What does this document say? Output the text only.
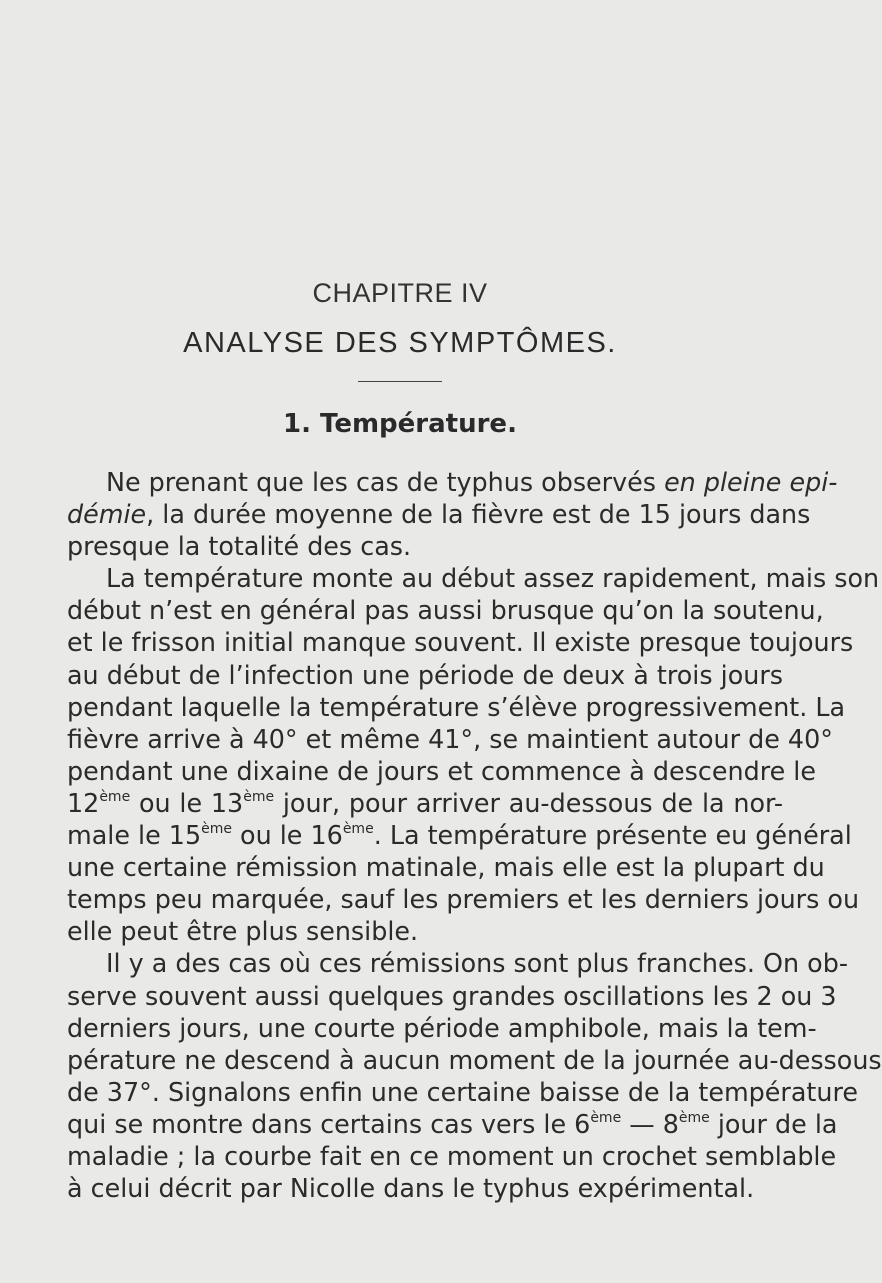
CHAPITRE IV
ANALYSE DES SYMPTÔMES.
1. Température.
Ne prenant que les cas de typhus observés en pleine epi-
démie, la durée moyenne de la fièvre est de 15 jours dans
presque la totalité des cas.
La température monte au début assez rapidement, mais son
début n’est en général pas aussi brusque qu’on la soutenu,
et le frisson initial manque souvent. Il existe presque toujours
au début de l’infection une période de deux à trois jours
pendant laquelle la température s’élève progressivement. La
fièvre arrive à 40° et même 41°, se maintient autour de 40°
pendant une dixaine de jours et commence à descendre le
12ème ou le 13ème jour, pour arriver au-dessous de la nor-
male le 15ème ou le 16ème. La température présente eu général
une certaine rémission matinale, mais elle est la plupart du
temps peu marquée, sauf les premiers et les derniers jours ou
elle peut être plus sensible.
Il y a des cas où ces rémissions sont plus franches. On ob-
serve souvent aussi quelques grandes oscillations les 2 ou 3
derniers jours, une courte période amphibole, mais la tem-
pérature ne descend à aucun moment de la journée au-dessous
de 37°. Signalons enfin une certaine baisse de la température
qui se montre dans certains cas vers le 6ème — 8ème jour de la
maladie ; la courbe fait en ce moment un crochet semblable
à celui décrit par Nicolle dans le typhus expérimental.
